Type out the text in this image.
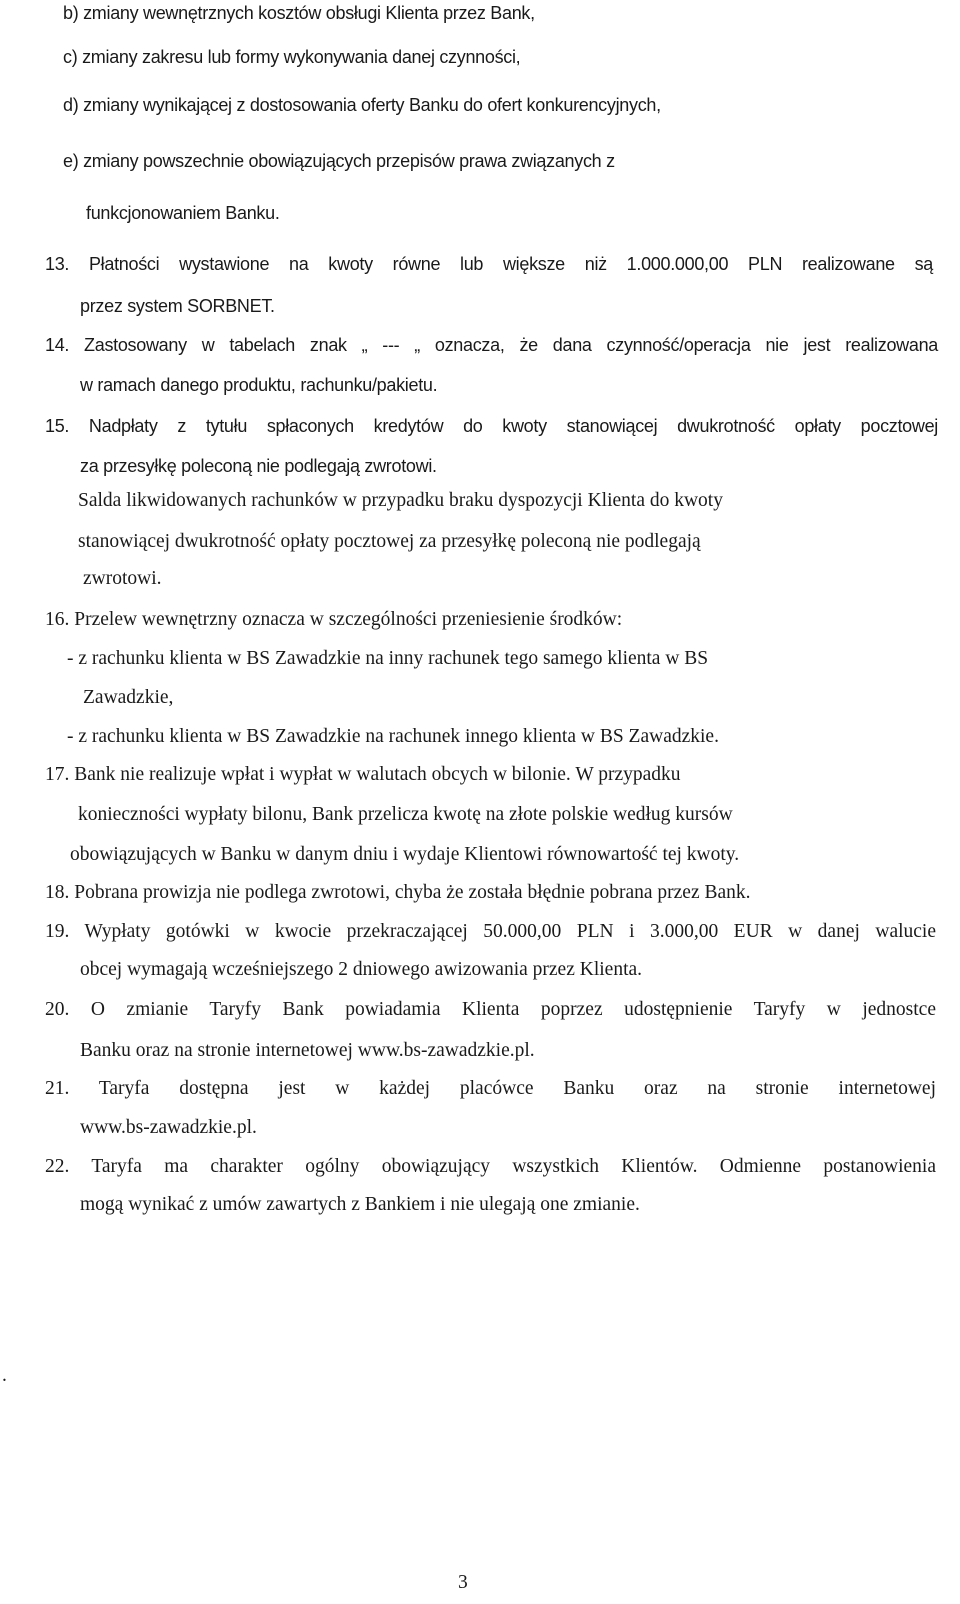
b) zmiany wewnętrznych kosztów obsługi Klienta przez Bank,
c) zmiany zakresu lub formy wykonywania danej czynności,
d) zmiany wynikającej z dostosowania oferty Banku do ofert konkurencyjnych,
e) zmiany powszechnie obowiązujących przepisów prawa związanych z
funkcjonowaniem Banku.
13. Płatności wystawione na kwoty równe lub większe niż 1.000.000,00 PLN realizowane są
przez system SORBNET.
14. Zastosowany w tabelach znak „ --- „ oznacza, że dana czynność/operacja nie jest realizowana
w ramach danego produktu, rachunku/pakietu.
15. Nadpłaty z tytułu spłaconych kredytów do kwoty stanowiącej dwukrotność opłaty pocztowej
za przesyłkę poleconą nie podlegają zwrotowi.
Salda likwidowanych rachunków w przypadku braku dyspozycji Klienta do kwoty
stanowiącej dwukrotność opłaty pocztowej za przesyłkę poleconą nie podlegają
zwrotowi.
16. Przelew wewnętrzny oznacza w szczególności przeniesienie środków:
- z rachunku klienta w BS Zawadzkie na inny rachunek tego samego klienta w BS
Zawadzkie,
- z rachunku klienta w BS Zawadzkie na rachunek innego klienta w BS Zawadzkie.
17. Bank nie realizuje wpłat i wypłat w walutach obcych w bilonie. W przypadku
konieczności wypłaty bilonu, Bank przelicza kwotę na złote polskie według kursów
obowiązujących w Banku w danym dniu i wydaje Klientowi równowartość tej kwoty.
18. Pobrana prowizja nie podlega zwrotowi, chyba że została błędnie pobrana przez Bank.
19. Wypłaty gotówki w kwocie przekraczającej 50.000,00 PLN i 3.000,00 EUR w danej walucie
obcej wymagają wcześniejszego 2 dniowego awizowania przez Klienta.
20. O zmianie Taryfy Bank powiadamia Klienta poprzez udostępnienie Taryfy w jednostce
Banku oraz na stronie internetowej www.bs-zawadzkie.pl.
21. Taryfa dostępna jest w każdej placówce Banku oraz na stronie internetowej
www.bs-zawadzkie.pl.
22. Taryfa ma charakter ogólny obowiązujący wszystkich Klientów. Odmienne postanowienia
mogą wynikać z umów zawartych z Bankiem i nie ulegają one zmianie.
.
3
